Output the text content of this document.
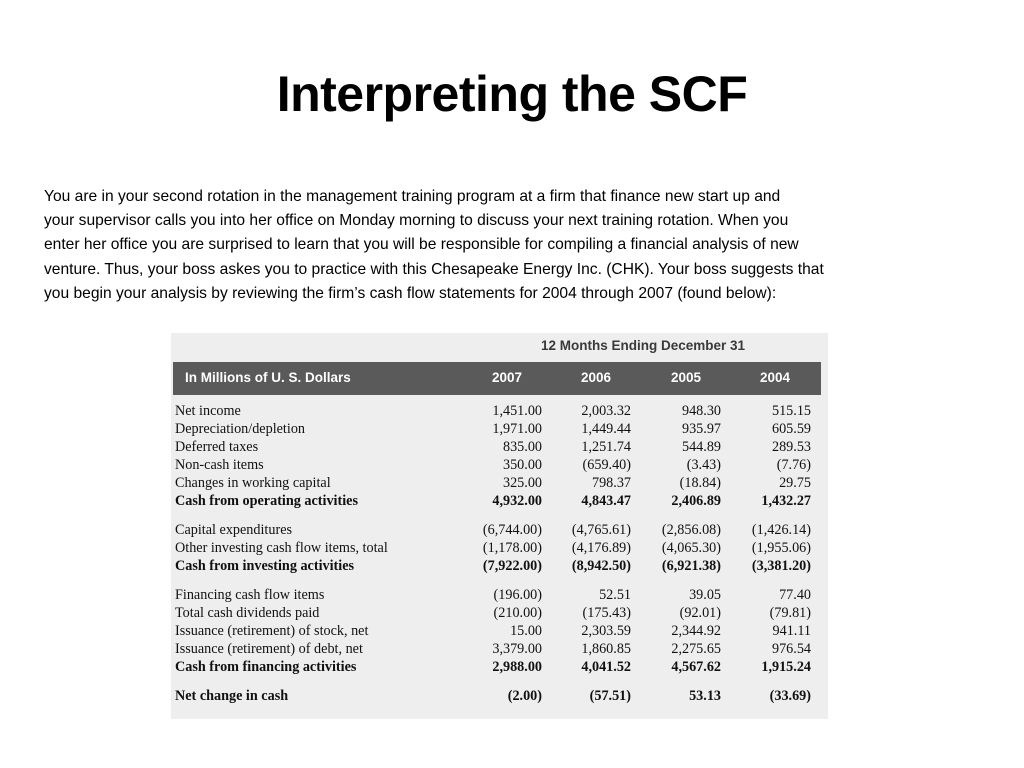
Interpreting the SCF

You are in your second rotation in the management training program at a firm that finance new start up and
your supervisor calls you into her office on Monday morning to discuss your next training rotation. When you
enter her office you are surprised to learn that you will be responsible for compiling a financial analysis of new
venture. Thus, your boss askes you to practice with this Chesapeake Energy Inc. (CHK). Your boss suggests that
you begin your analysis by reviewing the firm’s cash flow statements for 2004 through 2007 (found below):

12 Months Ending December 31
In Millions of U. S. Dollars	2007	2006	2005	2004
Net income	1,451.00	2,003.32	948.30	515.15
Depreciation/depletion	1,971.00	1,449.44	935.97	605.59
Deferred taxes	835.00	1,251.74	544.89	289.53
Non-cash items	350.00	(659.40)	(3.43)	(7.76)
Changes in working capital	325.00	798.37	(18.84)	29.75
Cash from operating activities	4,932.00	4,843.47	2,406.89	1,432.27
Capital expenditures	(6,744.00)	(4,765.61)	(2,856.08)	(1,426.14)
Other investing cash flow items, total	(1,178.00)	(4,176.89)	(4,065.30)	(1,955.06)
Cash from investing activities	(7,922.00)	(8,942.50)	(6,921.38)	(3,381.20)
Financing cash flow items	(196.00)	52.51	39.05	77.40
Total cash dividends paid	(210.00)	(175.43)	(92.01)	(79.81)
Issuance (retirement) of stock, net	15.00	2,303.59	2,344.92	941.11
Issuance (retirement) of debt, net	3,379.00	1,860.85	2,275.65	976.54
Cash from financing activities	2,988.00	4,041.52	4,567.62	1,915.24
Net change in cash	(2.00)	(57.51)	53.13	(33.69)
